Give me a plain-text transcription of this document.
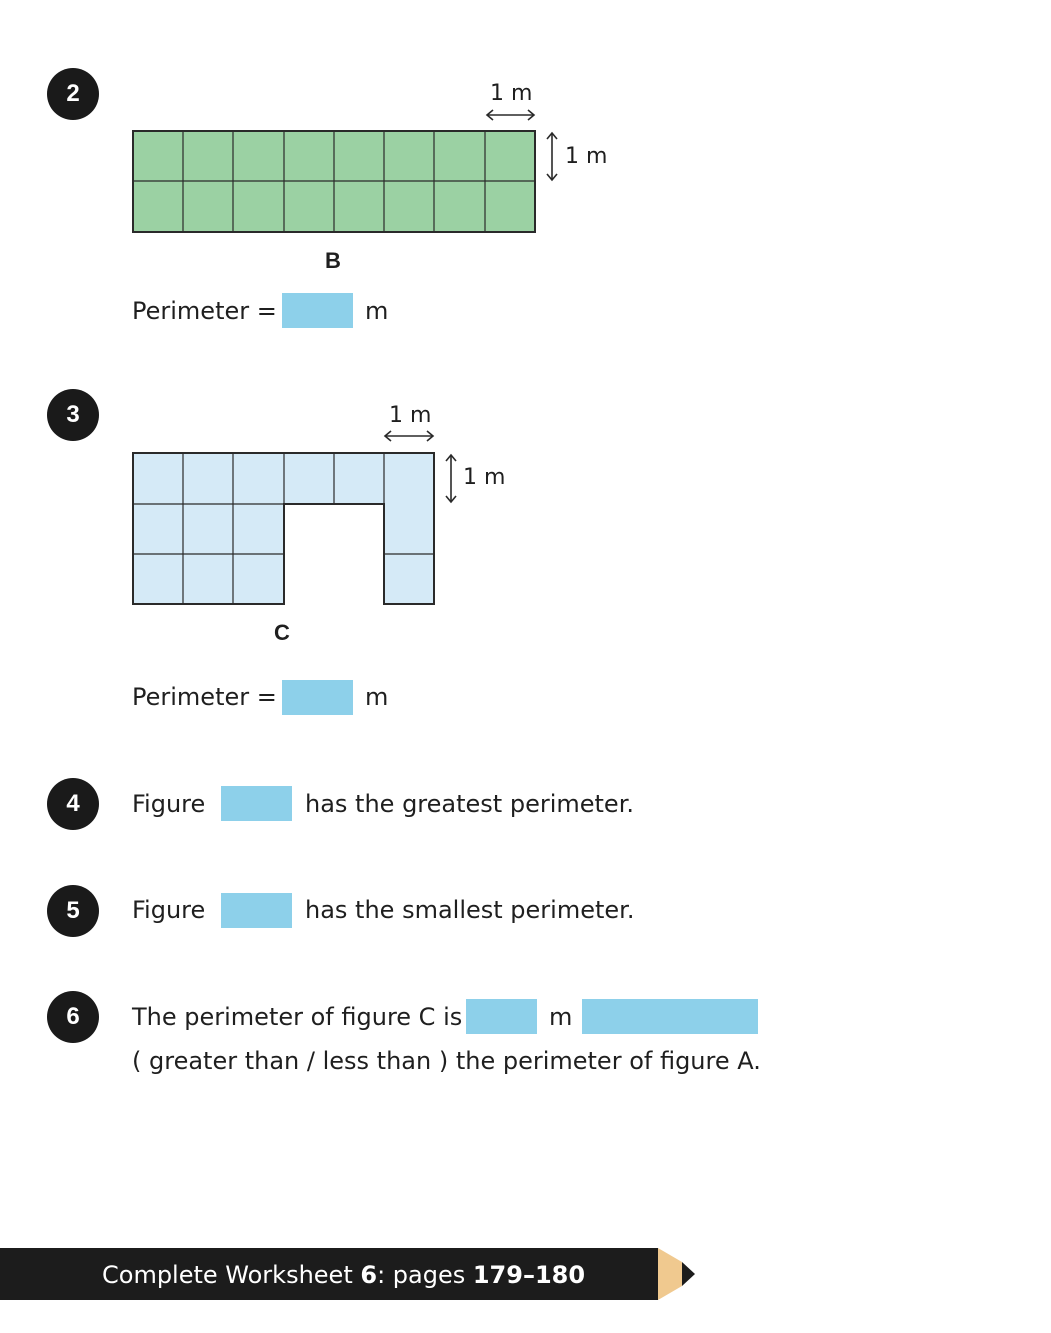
2	1 m
1 m
B
Perimeter =	m
3	1 m
1 m
C
Perimeter =	m
4	Figure	has the greatest perimeter.
5	Figure	has the smallest perimeter.
6	The perimeter of figure C is	m
( greater than / less than ) the perimeter of figure A.
Complete Worksheet 6: pages 179–180
